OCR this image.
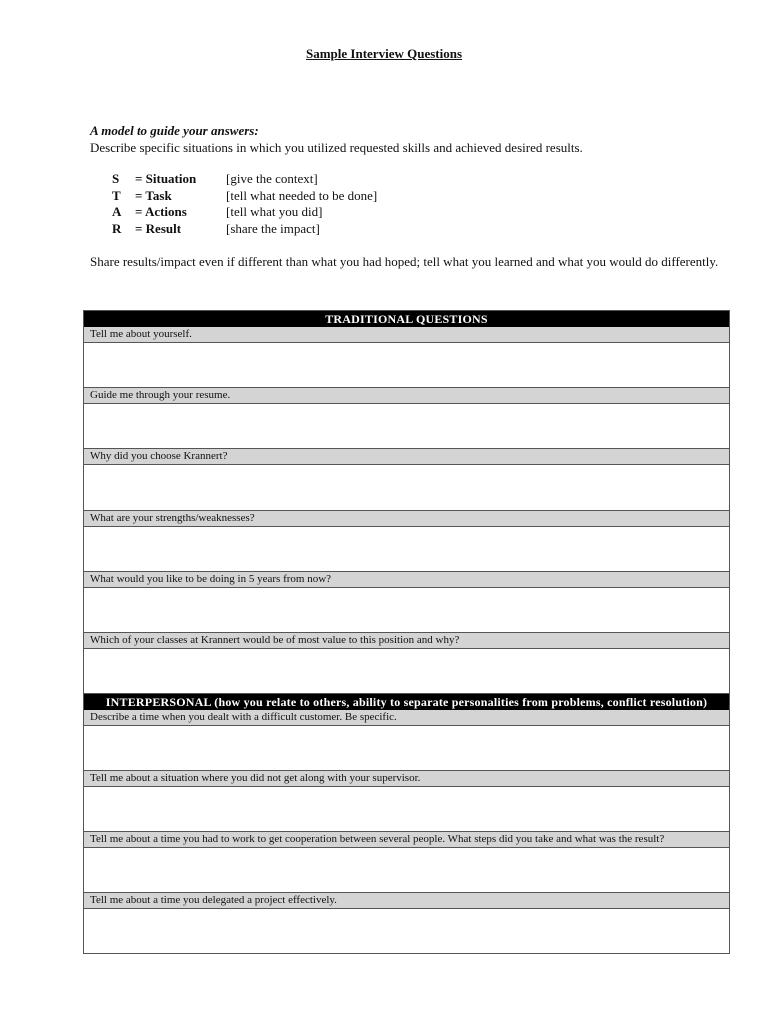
Sample Interview Questions
A model to guide your answers:
Describe specific situations in which you utilized requested skills and achieved desired results.
S = Situation [give the context]
T = Task	[tell what needed to be done]
A = Actions	[tell what you did]
R = Result	[share the impact]
Share results/impact even if different than what you had hoped; tell what you learned and what you would do differently.
TRADITIONAL QUESTIONS
Tell me about yourself.
Guide me through your resume.
Why did you choose Krannert?
What are your strengths/weaknesses?
What would you like to be doing in 5 years from now?
Which of your classes at Krannert would be of most value to this position and why?
INTERPERSONAL (how you relate to others, ability to separate personalities from problems, conflict resolution)
Describe a time when you dealt with a difficult customer. Be specific.
Tell me about a situation where you did not get along with your supervisor.
Tell me about a time you had to work to get cooperation between several people. What steps did you take and what was the result?
Tell me about a time you delegated a project effectively.
